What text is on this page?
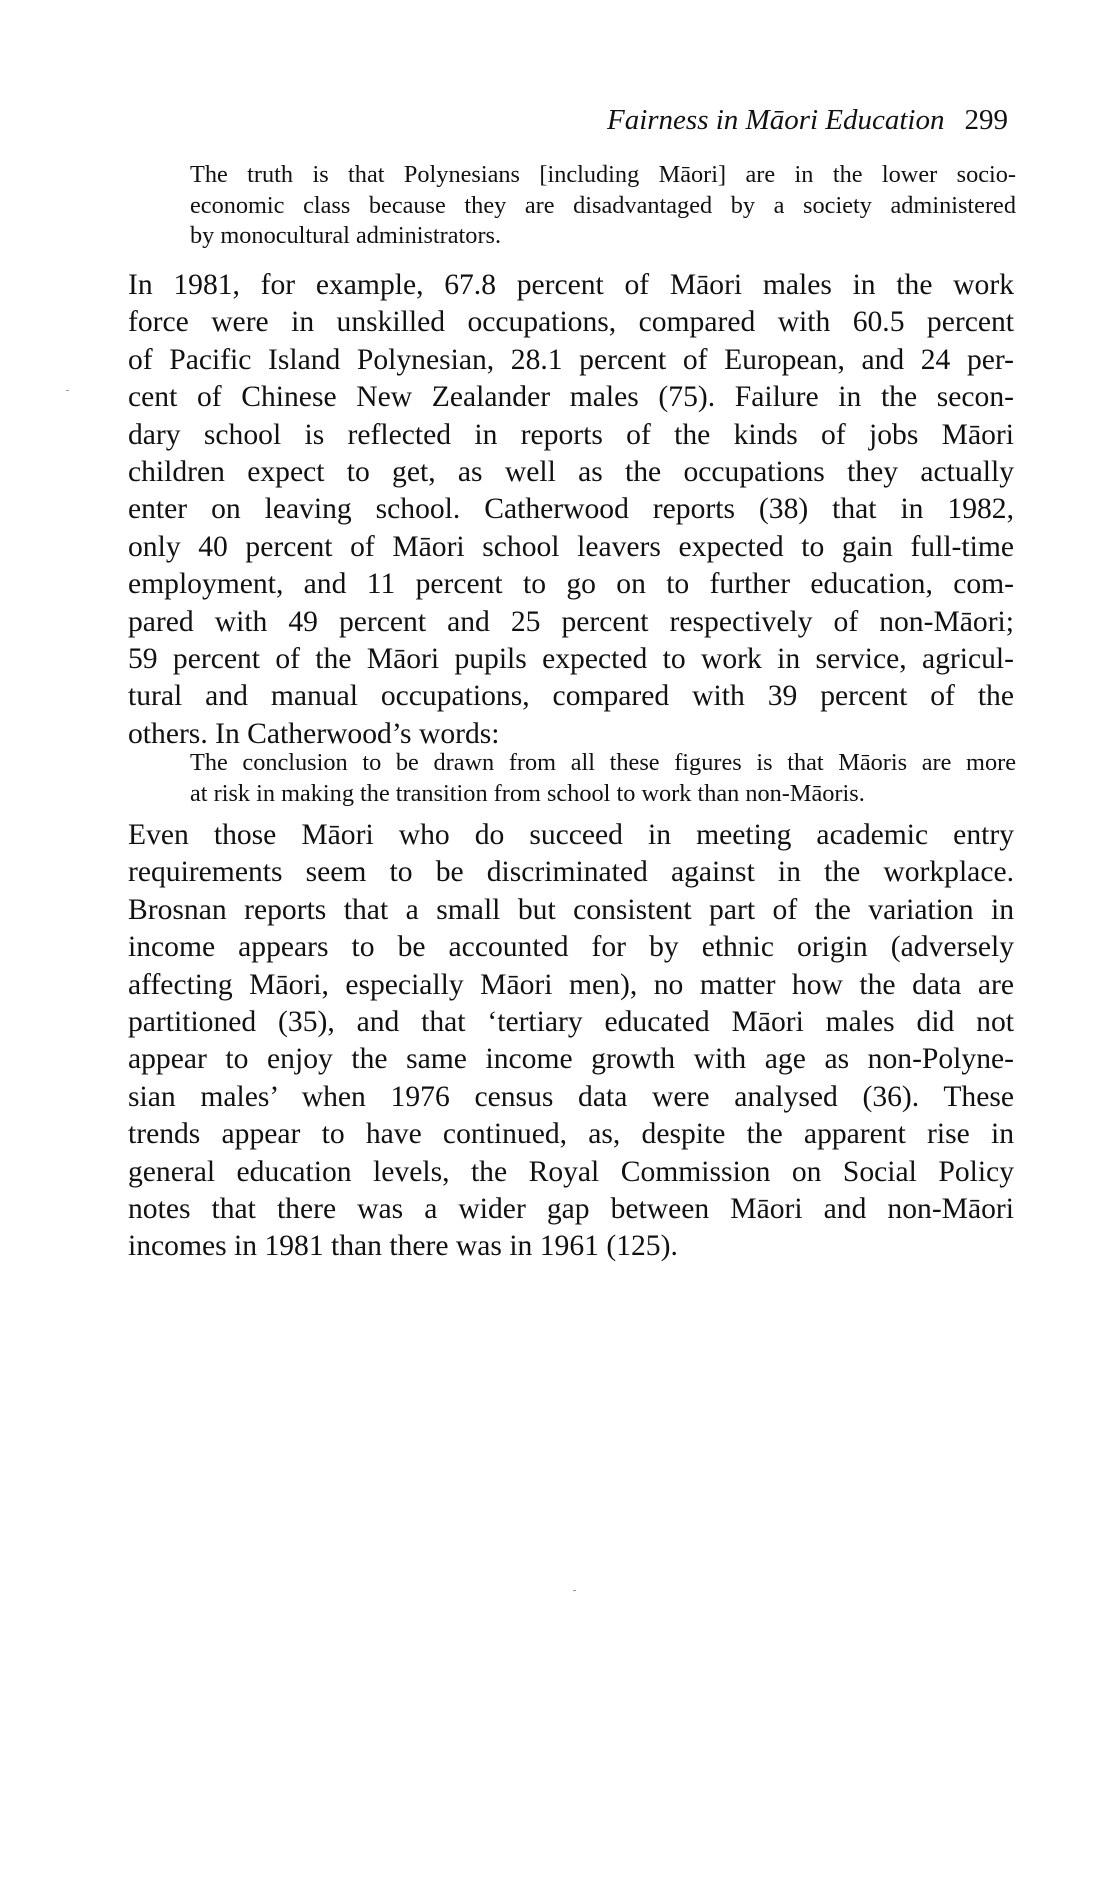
Fairness in Māori Education 299

The truth is that Polynesians [including Māori] are in the lower socio-
economic class because they are disadvantaged by a society administered
by monocultural administrators.

In 1981, for example, 67.8 percent of Māori males in the work
force were in unskilled occupations, compared with 60.5 percent
of Pacific Island Polynesian, 28.1 percent of European, and 24 per-
cent of Chinese New Zealander males (75). Failure in the secon-
dary school is reflected in reports of the kinds of jobs Māori
children expect to get, as well as the occupations they actually
enter on leaving school. Catherwood reports (38) that in 1982,
only 40 percent of Māori school leavers expected to gain full-time
employment, and 11 percent to go on to further education, com-
pared with 49 percent and 25 percent respectively of non-Māori;
59 percent of the Māori pupils expected to work in service, agricul-
tural and manual occupations, compared with 39 percent of the
others. In Catherwood’s words:

The conclusion to be drawn from all these figures is that Māoris are more
at risk in making the transition from school to work than non-Māoris.

Even those Māori who do succeed in meeting academic entry
requirements seem to be discriminated against in the workplace.
Brosnan reports that a small but consistent part of the variation in
income appears to be accounted for by ethnic origin (adversely
affecting Māori, especially Māori men), no matter how the data are
partitioned (35), and that ‘tertiary educated Māori males did not
appear to enjoy the same income growth with age as non-Polyne-
sian males’ when 1976 census data were analysed (36). These
trends appear to have continued, as, despite the apparent rise in
general education levels, the Royal Commission on Social Policy
notes that there was a wider gap between Māori and non-Māori
incomes in 1981 than there was in 1961 (125).
